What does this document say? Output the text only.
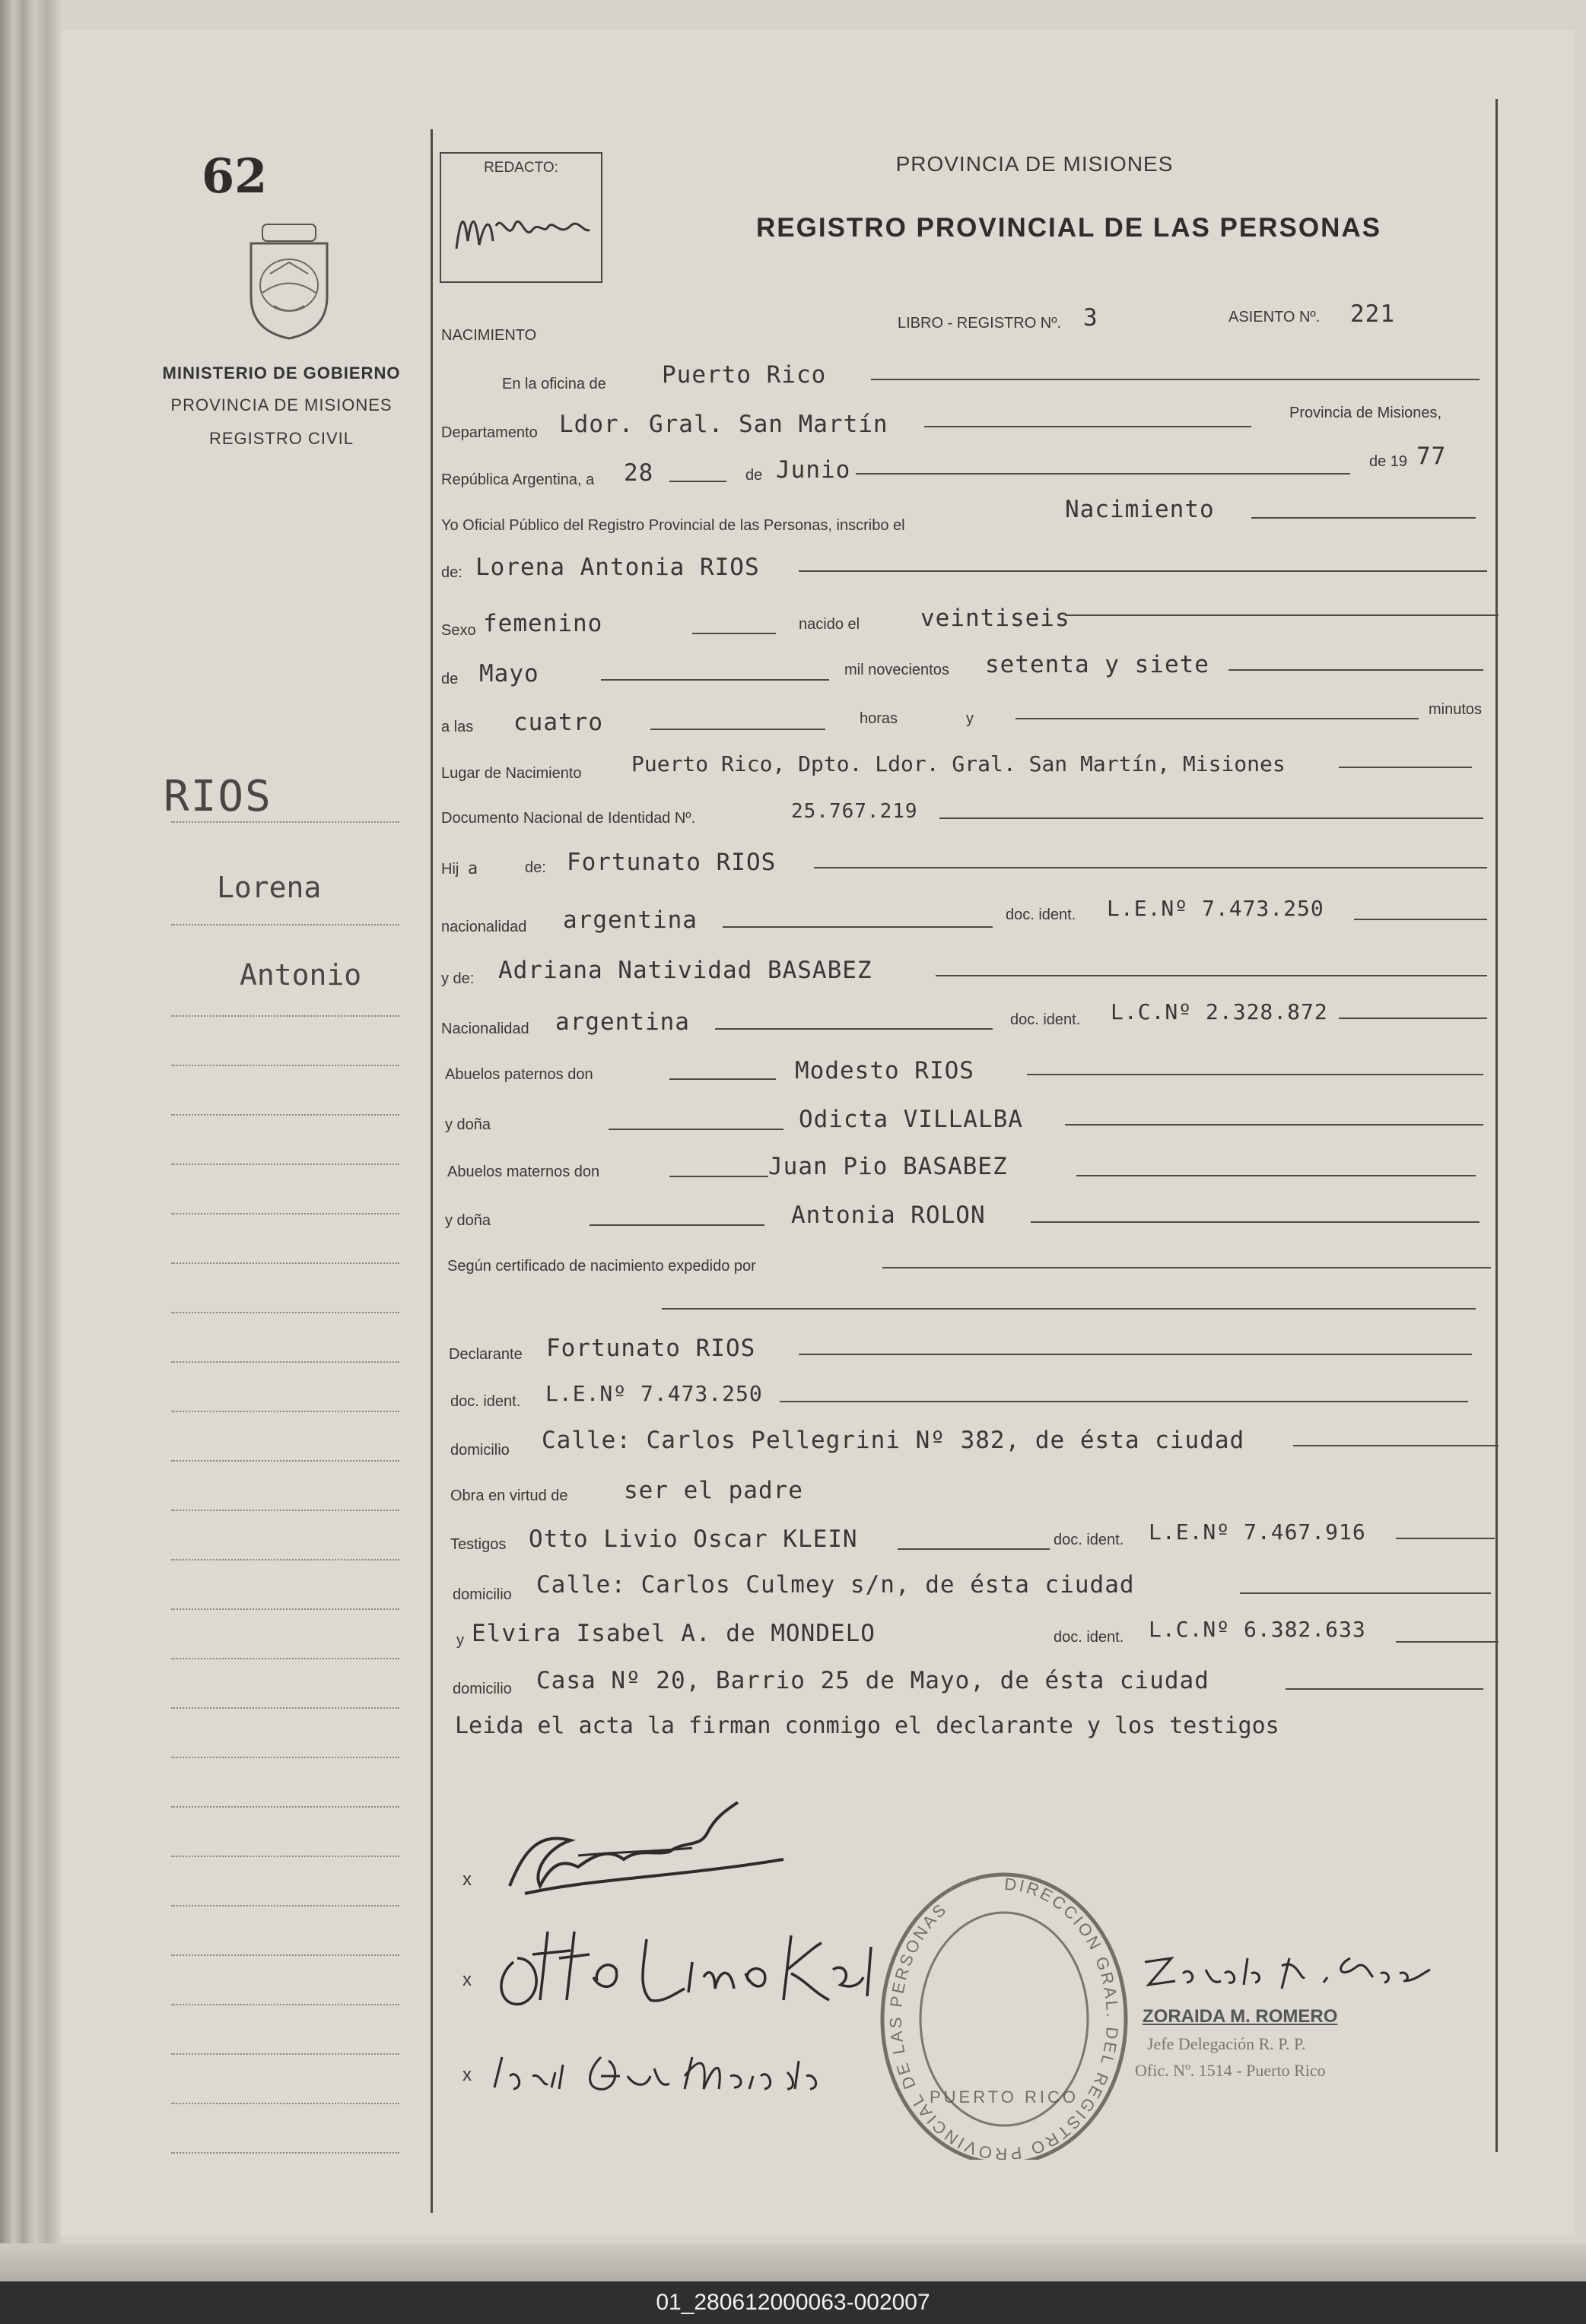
62
MINISTERIO DE GOBIERNO
PROVINCIA DE MISIONES
REGISTRO CIVIL
RIOS
Lorena
Antonio
REDACTO:	PROVINCIA DE MISIONES
REGISTRO PROVINCIAL DE LAS PERSONAS
NACIMIENTO
LIBRO - REGISTRO Nº. 3	ASIENTO Nº. 221
En la oficina de Puerto Rico
Departamento Ldor. Gral. San Martín	Provincia de Misiones,
República Argentina, a 28	de Junio	de 19 77
Yo Oficial Público del Registro Provincial de las Personas, inscribo el
Nacimiento
de: Lorena Antonia RIOS
Sexo femenino	nacido el	veintiseis
de Mayo	mil novecientos setenta y siete
a las cuatro	horas	y
minutos
Lugar de Nacimiento Puerto Rico, Dpto. Ldor. Gral. San Martín, Misiones
Documento Nacional de Identidad Nº.	25.767.219
Hij a	de: Fortunato RIOS
nacionalidad argentina	doc. ident. L.E.Nº 7.473.250
y de: Adriana Natividad BASABEZ
Nacionalidad argentina	doc. ident. L.C.Nº 2.328.872
Abuelos paternos don	Modesto RIOS
y doña	Odicta VILLALBA
Abuelos maternos don	Juan Pio BASABEZ
y doña	Antonia ROLON
Según certificado de nacimiento expedido por
Declarante Fortunato RIOS
doc. ident. L.E.Nº 7.473.250
domicilio Calle: Carlos Pellegrini Nº 382, de ésta ciudad
Obra en virtud de ser el padre
Testigos Otto Livio Oscar KLEIN	doc. ident. L.E.Nº 7.467.916
domicilio Calle: Carlos Culmey s/n, de ésta ciudad
y Elvira Isabel A. de MONDELO	doc. ident. L.C.Nº 6.382.633
domicilio Casa Nº 20, Barrio 25 de Mayo, de ésta ciudad
Leida el acta la firman conmigo el declarante y los testigos
x
x
x
DIRECCION GRAL. DEL REGISTRO PROVINCIAL DE LAS PERSONAS
PUERTO RICO
ZORAIDA M. ROMERO
Jefe Delegación R. P. P.
Ofic. Nº. 1514 - Puerto Rico
01_280612000063-002007
